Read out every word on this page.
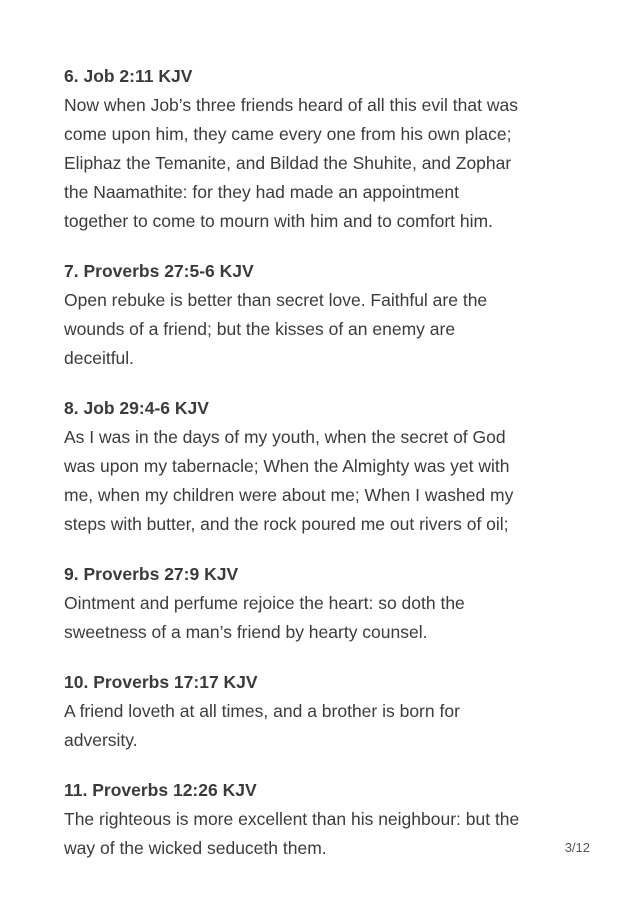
6. Job 2:11 KJV
Now when Job’s three friends heard of all this evil that was
come upon him, they came every one from his own place;
Eliphaz the Temanite, and Bildad the Shuhite, and Zophar
the Naamathite: for they had made an appointment
together to come to mourn with him and to comfort him.
7. Proverbs 27:5-6 KJV
Open rebuke is better than secret love. Faithful are the
wounds of a friend; but the kisses of an enemy are
deceitful.
8. Job 29:4-6 KJV
As I was in the days of my youth, when the secret of God
was upon my tabernacle; When the Almighty was yet with
me, when my children were about me; When I washed my
steps with butter, and the rock poured me out rivers of oil;
9. Proverbs 27:9 KJV
Ointment and perfume rejoice the heart: so doth the
sweetness of a man’s friend by hearty counsel.
10. Proverbs 17:17 KJV
A friend loveth at all times, and a brother is born for
adversity.
11. Proverbs 12:26 KJV
The righteous is more excellent than his neighbour: but the
way of the wicked seduceth them.	3/12
